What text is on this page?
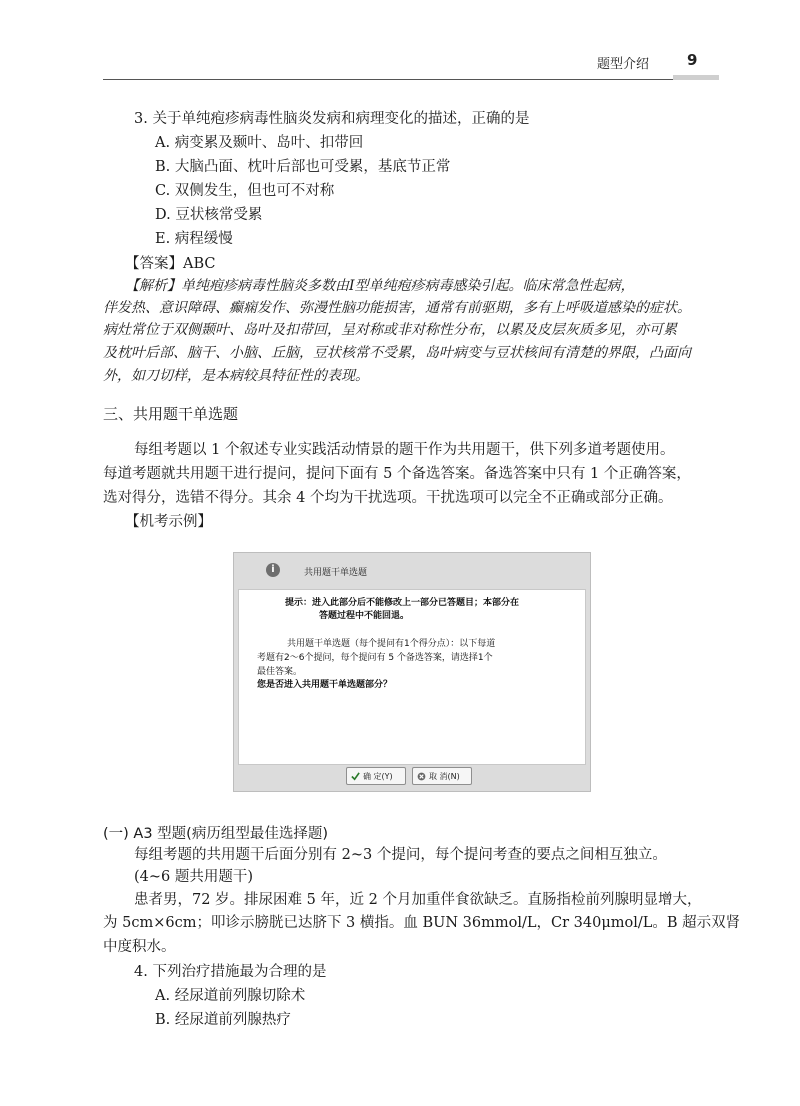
题型介绍	9
3. 关于单纯疱疹病毒性脑炎发病和病理变化的描述，正确的是
A. 病变累及颞叶、岛叶、扣带回
B. 大脑凸面、枕叶后部也可受累，基底节正常
C. 双侧发生，但也可不对称
D. 豆状核常受累
E. 病程缓慢
【答案】ABC
【解析】单纯疱疹病毒性脑炎多数由Ⅰ型单纯疱疹病毒感染引起。临床常急性起病，
伴发热、意识障碍、癫痫发作、弥漫性脑功能损害，通常有前驱期，多有上呼吸道感染的症状。
病灶常位于双侧颞叶、岛叶及扣带回，呈对称或非对称性分布，以累及皮层灰质多见，亦可累
及枕叶后部、脑干、小脑、丘脑，豆状核常不受累，岛叶病变与豆状核间有清楚的界限，凸面向
外，如刀切样，是本病较具特征性的表现。
三、共用题干单选题
每组考题以 1 个叙述专业实践活动情景的题干作为共用题干，供下列多道考题使用。
每道考题就共用题干进行提问，提问下面有 5 个备选答案。备选答案中只有 1 个正确答案，
选对得分，选错不得分。其余 4 个均为干扰选项。干扰选项可以完全不正确或部分正确。
【机考示例】
i	共用题干单选题
提示：进入此部分后不能修改上一部分已答题目；本部分在
答题过程中不能回退。
共用题干单选题（每个提问有1个得分点）：以下每道
考题有2～6个提问，每个提问有 5 个备选答案，请选择1个
最佳答案。
您是否进入共用题干单选题部分？
确 定(Y)	取 消(N)
(一) A3 型题(病历组型最佳选择题)
每组考题的共用题干后面分别有 2~3 个提问，每个提问考查的要点之间相互独立。
(4~6 题共用题干)
患者男，72 岁。排尿困难 5 年，近 2 个月加重伴食欲缺乏。直肠指检前列腺明显增大，
为 5cm×6cm；叩诊示膀胱已达脐下 3 横指。血 BUN 36mmol/L，Cr 340μmol/L。B 超示双肾
中度积水。
4. 下列治疗措施最为合理的是
A. 经尿道前列腺切除术
B. 经尿道前列腺热疗
